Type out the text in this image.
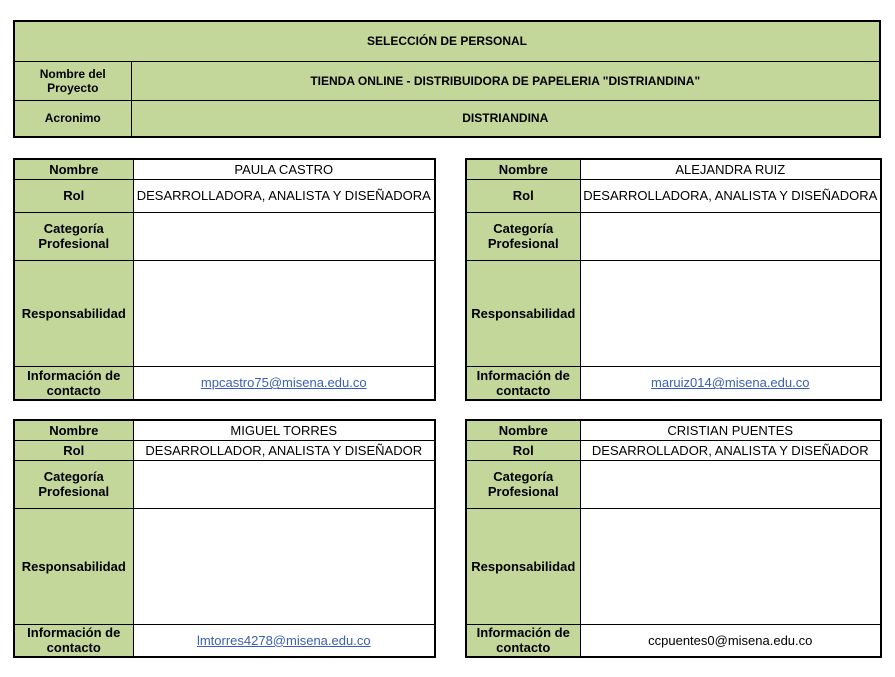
SELECCIÓN DE PERSONAL	
Nombre del Proyecto	TIENDA ONLINE - DISTRIBUIDORA DE PAPELERIA "DISTRIANDINA"
Acronimo	DISTRIANDINA
Nombre	PAULA CASTRO
Rol	DESARROLLADORA, ANALISTA Y DISEÑADORA
Categoría Profesional	
Responsabilidad	
Información de contacto	mpcastro75@misena.edu.co
Nombre	ALEJANDRA RUIZ
Rol	DESARROLLADORA, ANALISTA Y DISEÑADORA
Categoría Profesional	
Responsabilidad	
Información de contacto	maruiz014@misena.edu.co
Nombre	MIGUEL TORRES
Rol	DESARROLLADOR, ANALISTA Y DISEÑADOR
Categoría Profesional	
Responsabilidad	
Información de contacto	lmtorres4278@misena.edu.co
Nombre	CRISTIAN PUENTES
Rol	DESARROLLADOR, ANALISTA Y DISEÑADOR
Categoría Profesional	
Responsabilidad	
Información de contacto	ccpuentes0@misena.edu.co
